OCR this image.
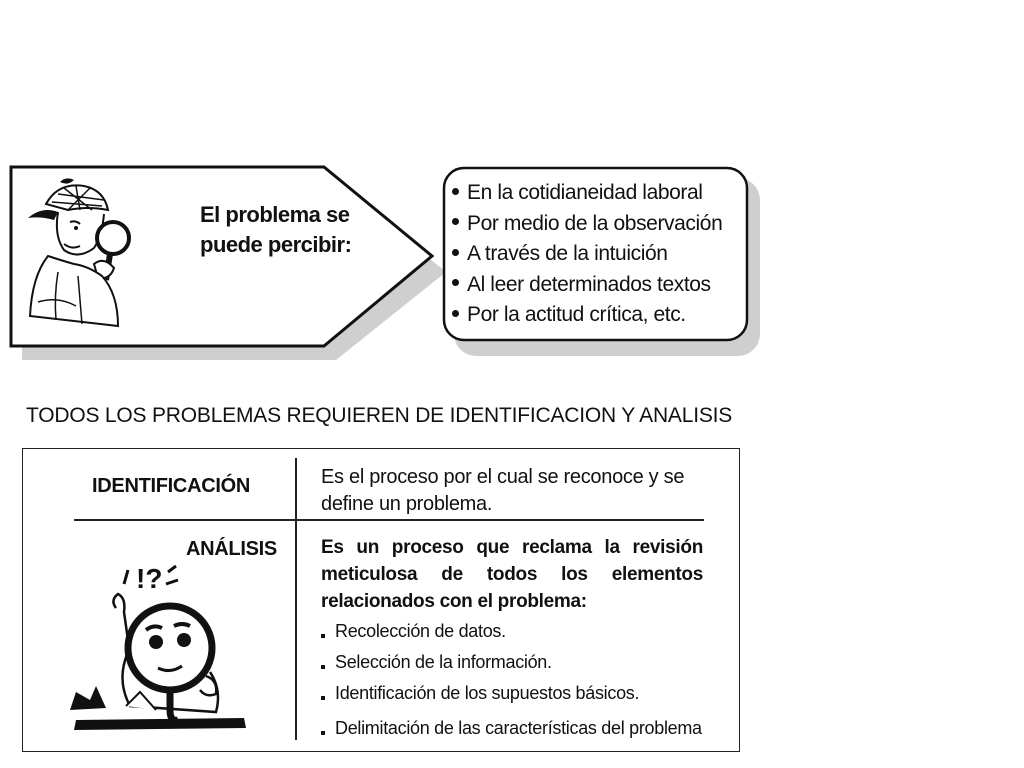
El problema se
puede percibir:
En la cotidianeidad laboral
Por medio de la observación
A través de la intuición
Al leer determinados textos
Por la actitud crítica, etc.
TODOS LOS PROBLEMAS REQUIEREN DE IDENTIFICACION Y ANALISIS
IDENTIFICACIÓN	Es el proceso por el cual se reconoce y se define un problema.
ANÁLISIS Es un proceso que reclama la revisión meticulosa de todos los elementos relacionados con el problema:
Recolección de datos.
Selección de la información.
Identificación de los supuestos básicos.
Delimitación de las características del problema
!?
